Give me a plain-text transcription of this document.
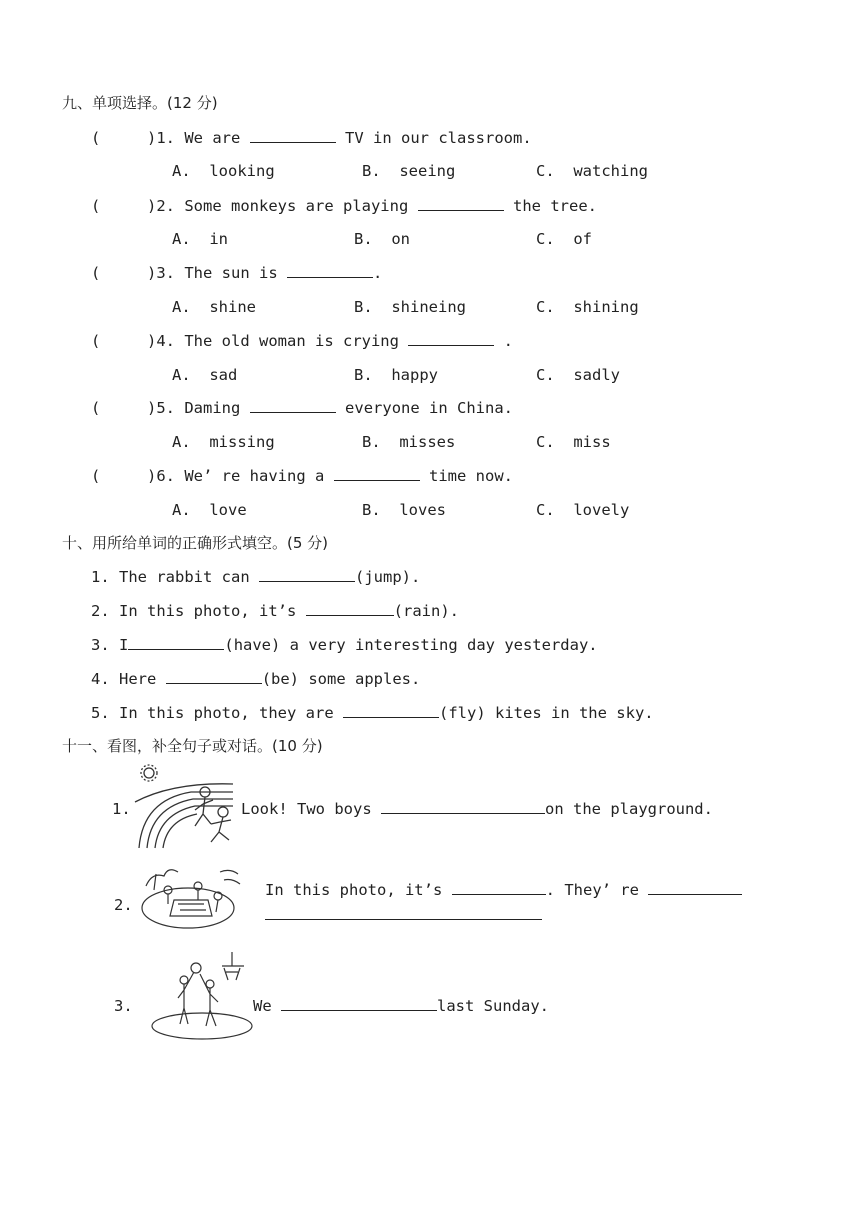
九、单项选择。(12 分)
(     )1. We are	TV in our classroom.
A.  looking	B.  seeing	C.  watching
(     )2. Some monkeys are playing	the tree.
A.  in	B.  on	C.  of
(     )3. The sun is	.
A.  shine	B.  shineing	C.  shining
(     )4. The old woman is crying	.
A.  sad	B.  happy	C.  sadly
(     )5. Daming	everyone in China.
A.  missing	B.  misses	C.  miss
(     )6. We’ re having a	time now.
A.  love	B.  loves	C.  lovely
十、用所给单词的正确形式填空。(5 分)
1. The rabbit can	(jump).
2. In this photo, it’s	(rain).
3. I	(have) a very interesting day yesterday.
4. Here	(be) some apples.
5. In this photo, they are	(fly) kites in the sky.
十一、看图，补全句子或对话。(10 分)
1.	Look! Two boys	on the playground.
2.
In this photo, it’s	. They’ re
3.	We	last Sunday.
